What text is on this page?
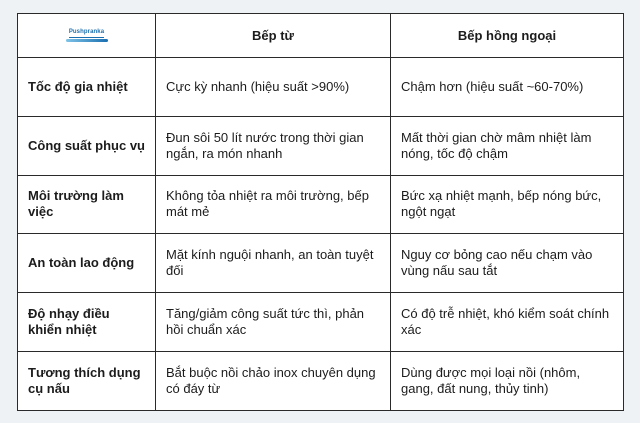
Pushpranka	Bếp từ	Bếp hồng ngoại
Tốc độ gia nhiệt	Cực kỳ nhanh (hiệu suất >90%)	Chậm hơn (hiệu suất ~60-70%)
Công suất phục vụ	Đun sôi 50 lít nước trong thời gian ngắn, ra món nhanh	Mất thời gian chờ mâm nhiệt làm nóng, tốc độ chậm
Môi trường làm việc	Không tỏa nhiệt ra môi trường, bếp mát mẻ	Bức xạ nhiệt mạnh, bếp nóng bức, ngột ngạt
An toàn lao động	Mặt kính nguội nhanh, an toàn tuyệt đối	Nguy cơ bỏng cao nếu chạm vào vùng nấu sau tắt
Độ nhạy điều khiển nhiệt	Tăng/giảm công suất tức thì, phản hồi chuẩn xác	Có độ trễ nhiệt, khó kiểm soát chính xác
Tương thích dụng cụ nấu	Bắt buộc nồi chảo inox chuyên dụng có đáy từ	Dùng được mọi loại nồi (nhôm, gang, đất nung, thủy tinh)
